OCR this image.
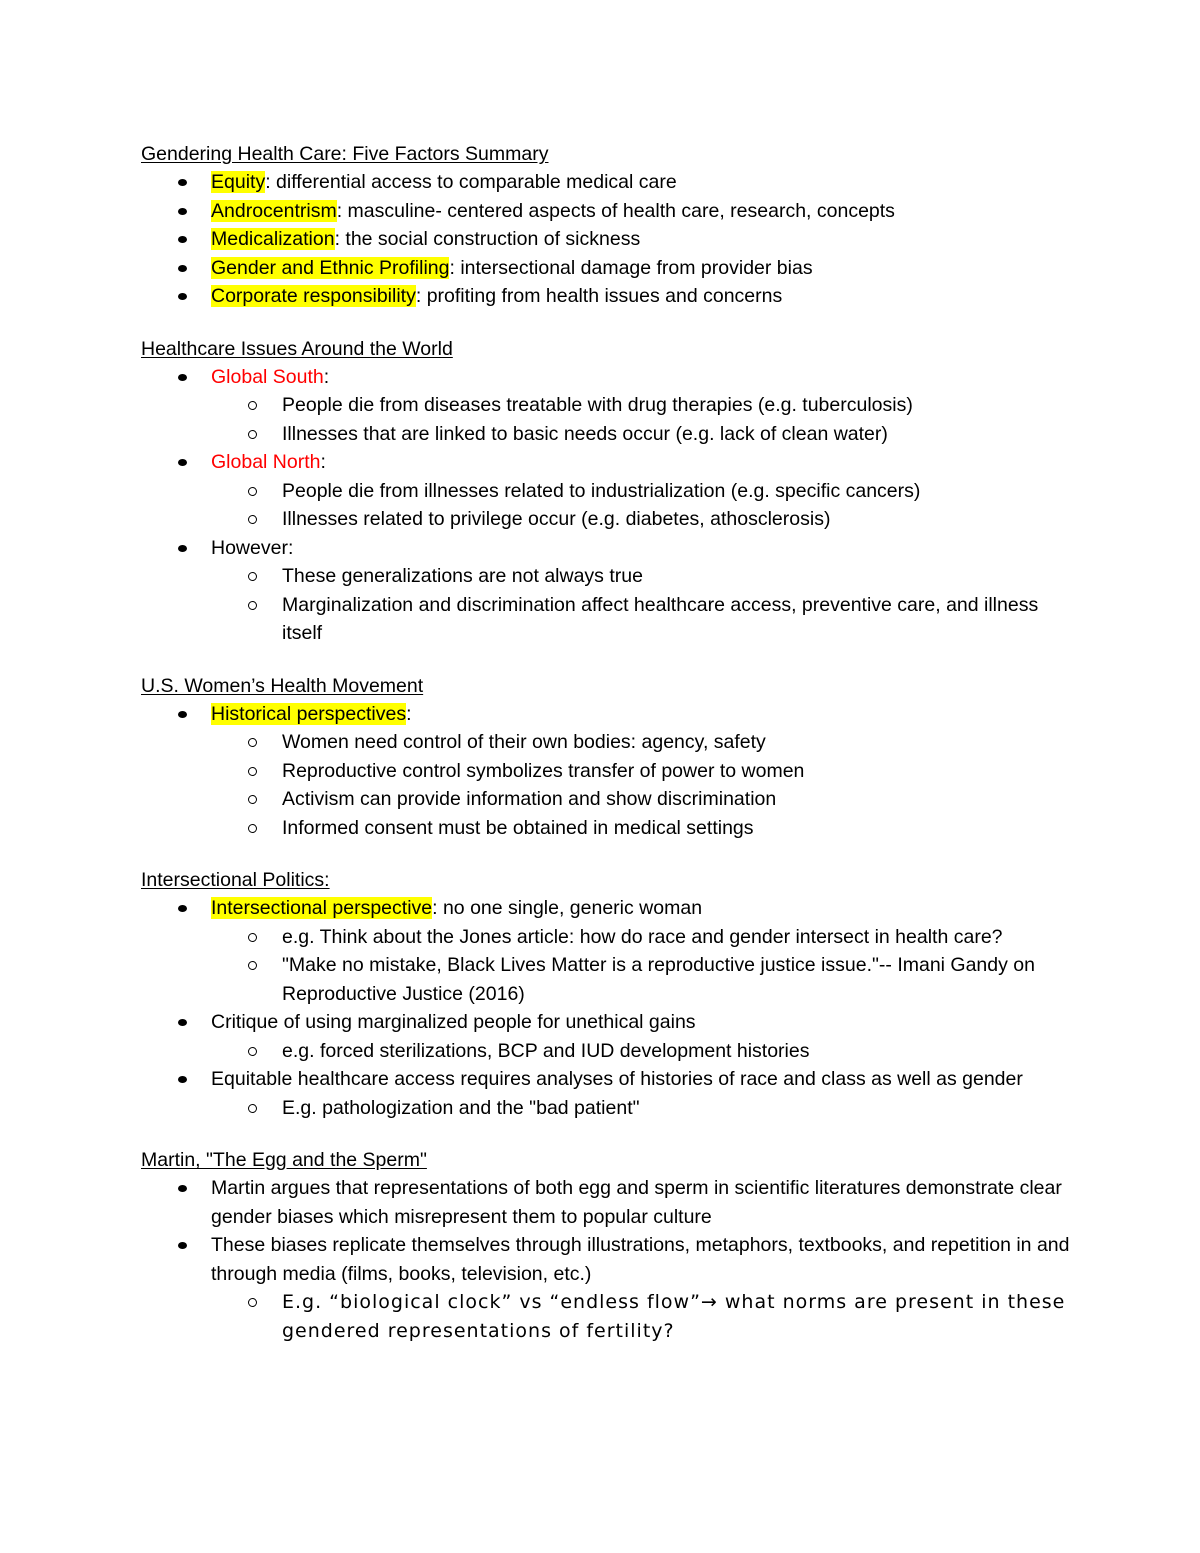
Gendering Health Care: Five Factors Summary

Equity: differential access to comparable medical care
Androcentrism: masculine- centered aspects of health care, research, concepts
Medicalization: the social construction of sickness
Gender and Ethnic Profiling: intersectional damage from provider bias
Corporate responsibility: profiting from health issues and concerns

Healthcare Issues Around the World

Global South:
People die from diseases treatable with drug therapies (e.g. tuberculosis)
Illnesses that are linked to basic needs occur (e.g. lack of clean water)
Global North:
People die from illnesses related to industrialization (e.g. specific cancers)
Illnesses related to privilege occur (e.g. diabetes, athosclerosis)
However:
These generalizations are not always true
Marginalization and discrimination affect healthcare access, preventive care, and illness itself

U.S. Women’s Health Movement

Historical perspectives:
Women need control of their own bodies: agency, safety
Reproductive control symbolizes transfer of power to women
Activism can provide information and show discrimination
Informed consent must be obtained in medical settings

Intersectional Politics:

Intersectional perspective: no one single, generic woman
e.g. Think about the Jones article: how do race and gender intersect in health care?
"Make no mistake, Black Lives Matter is a reproductive justice issue."-- Imani Gandy on Reproductive Justice (2016)
Critique of using marginalized people for unethical gains
e.g. forced sterilizations, BCP and IUD development histories
Equitable healthcare access requires analyses of histories of race and class as well as gender
E.g. pathologization and the "bad patient"

Martin, "The Egg and the Sperm"

Martin argues that representations of both egg and sperm in scientific literatures demonstrate clear gender biases which misrepresent them to popular culture
These biases replicate themselves through illustrations, metaphors, textbooks, and repetition in and through media (films, books, television, etc.)
E.g. “biological clock” vs “endless flow”→ what norms are present in these gendered representations of fertility?
